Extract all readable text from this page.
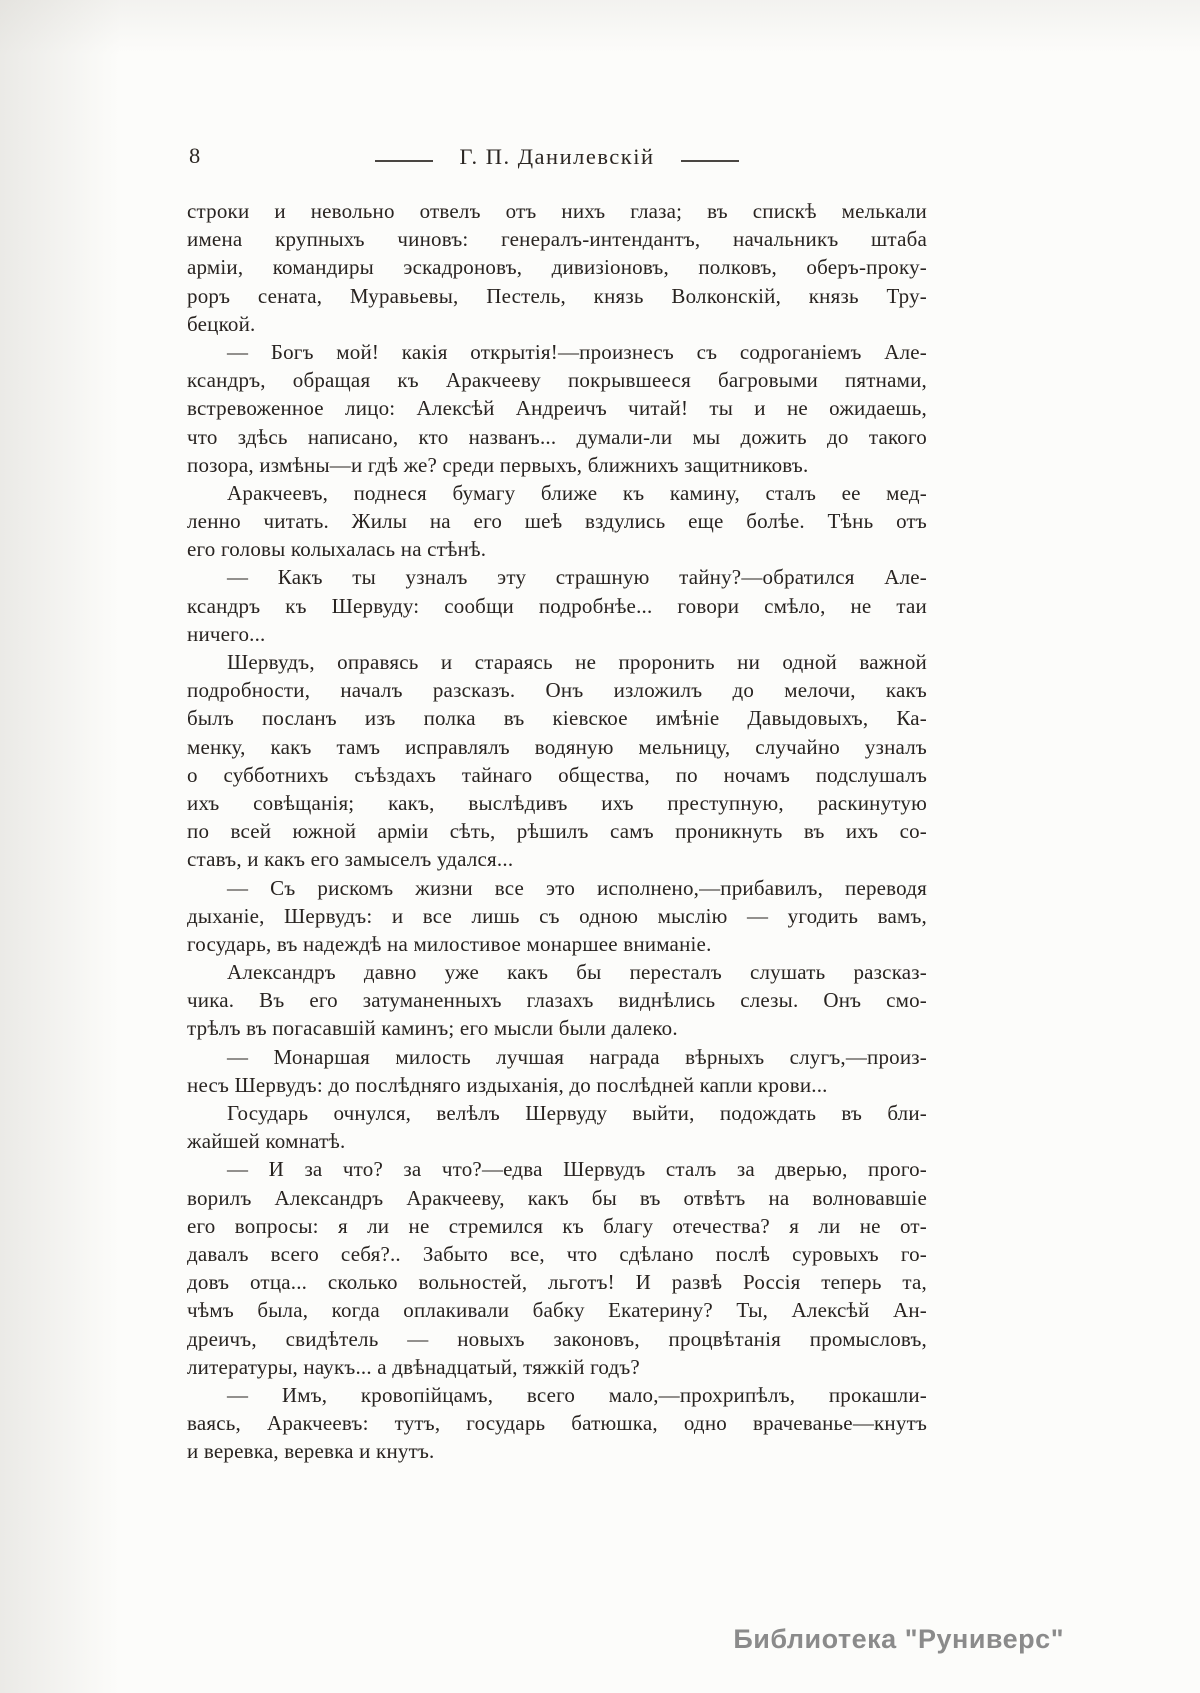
8	Г. П. Данилевскій
строки и невольно отвелъ отъ нихъ глаза; въ спискѣ мелькали
имена крупныхъ чиновъ: генералъ-интендантъ, начальникъ штаба
арміи, командиры эскадроновъ, дивизіоновъ, полковъ, оберъ-проку-
роръ сената, Муравьевы, Пестель, князь Волконскій, князь Тру-
бецкой.
— Богъ мой! какія открытія!—произнесъ съ содроганіемъ Але-
ксандръ, обращая къ Аракчееву покрывшееся багровыми пятнами,
встревоженное лицо: Алексѣй Андреичъ читай! ты и не ожидаешь,
что здѣсь написано, кто названъ... думали-ли мы дожить до такого
позора, измѣны—и гдѣ же? среди первыхъ, ближнихъ защитниковъ.
Аракчеевъ, поднеся бумагу ближе къ камину, сталъ ее мед-
ленно читать. Жилы на его шеѣ вздулись еще болѣе. Тѣнь отъ
его головы колыхалась на стѣнѣ.
— Какъ ты узналъ эту страшную тайну?—обратился Але-
ксандръ къ Шервуду: сообщи подробнѣе... говори смѣло, не таи
ничего...
Шервудъ, оправясь и стараясь не проронить ни одной важной
подробности, началъ разсказъ. Онъ изложилъ до мелочи, какъ
былъ посланъ изъ полка въ кіевское имѣніе Давыдовыхъ, Ка-
менку, какъ тамъ исправлялъ водяную мельницу, случайно узналъ
о субботнихъ съѣздахъ тайнаго общества, по ночамъ подслушалъ
ихъ совѣщанія; какъ, выслѣдивъ ихъ преступную, раскинутую
по всей южной арміи сѣть, рѣшилъ самъ проникнуть въ ихъ со-
ставъ, и какъ его замыселъ удался...
— Съ рискомъ жизни все это исполнено,—прибавилъ, переводя
дыханіе, Шервудъ: и все лишь съ одною мыслію — угодить вамъ,
государь, въ надеждѣ на милостивое монаршее вниманіе.
Александръ давно уже какъ бы пересталъ слушать разсказ-
чика. Въ его затуманенныхъ глазахъ виднѣлись слезы. Онъ смо-
трѣлъ въ погасавшій каминъ; его мысли были далеко.
— Монаршая милость лучшая награда вѣрныхъ слугъ,—произ-
несъ Шервудъ: до послѣдняго издыханія, до послѣдней капли крови...
Государь очнулся, велѣлъ Шервуду выйти, подождать въ бли-
жайшей комнатѣ.
— И за что? за что?—едва Шервудъ сталъ за дверью, прого-
ворилъ Александръ Аракчееву, какъ бы въ отвѣтъ на волновавшіе
его вопросы: я ли не стремился къ благу отечества? я ли не от-
давалъ всего себя?.. Забыто все, что сдѣлано послѣ суровыхъ го-
довъ отца... сколько вольностей, льготъ! И развѣ Россія теперь та,
чѣмъ была, когда оплакивали бабку Екатерину? Ты, Алексѣй Ан-
дреичъ, свидѣтель — новыхъ законовъ, процвѣтанія промысловъ,
литературы, наукъ... а двѣнадцатый, тяжкій годъ?
— Имъ, кровопійцамъ, всего мало,—прохрипѣлъ, прокашли-
ваясь, Аракчеевъ: тутъ, государь батюшка, одно врачеванье—кнутъ
и веревка, веревка и кнутъ.
Библиотека "Руниверс"
